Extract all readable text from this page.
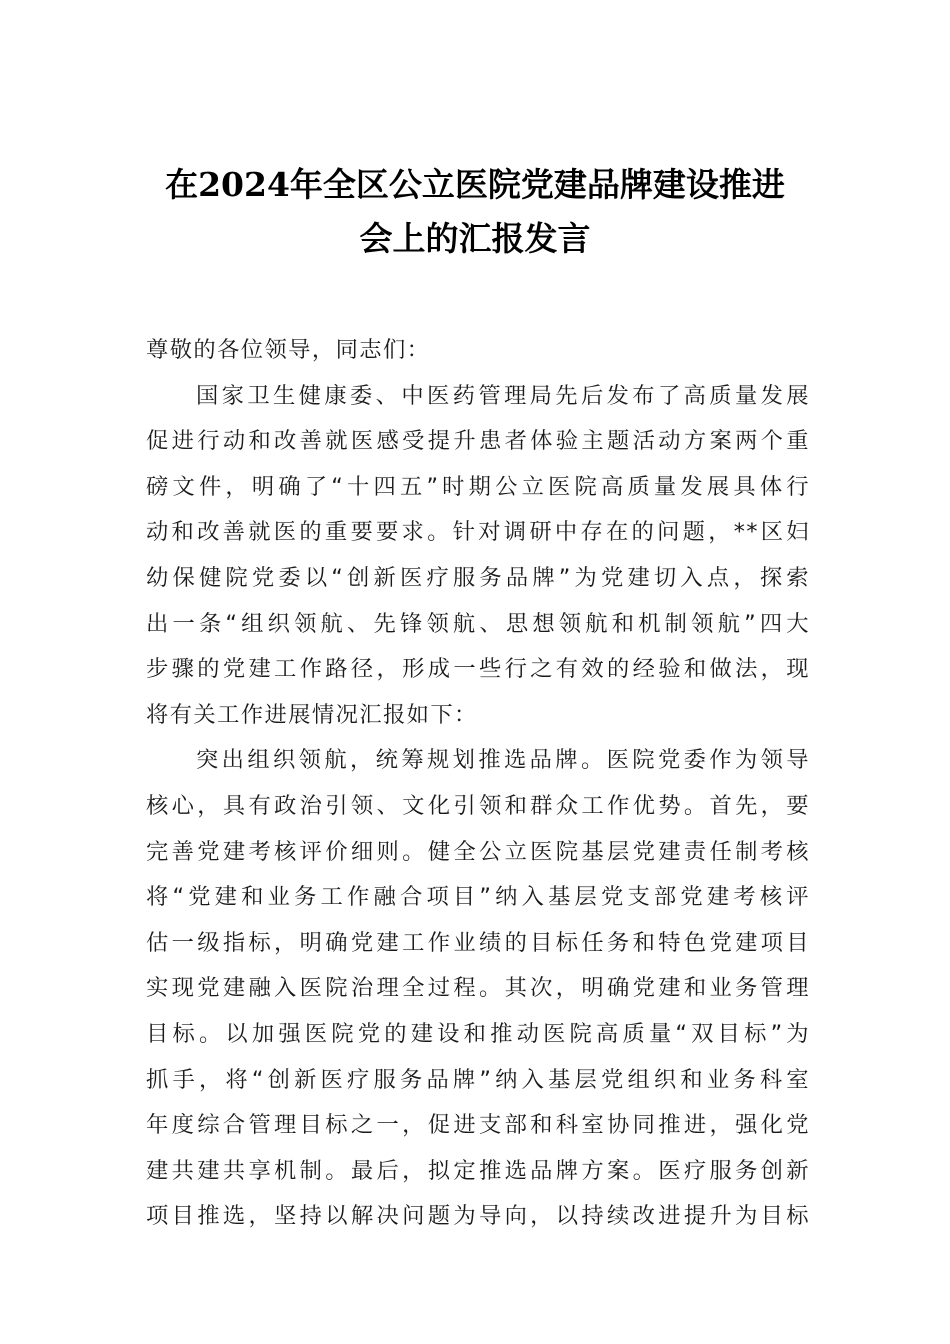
在2024年全区公立医院党建品牌建设推进
会上的汇报发言
尊敬的各位领导，同志们：
国家卫生健康委、中医药管理局先后发布了高质量发展
促进行动和改善就医感受提升患者体验主题活动方案两个重
磅文件，明确了“十四五”时期公立医院高质量发展具体行
动和改善就医的重要要求。针对调研中存在的问题，**区妇
幼保健院党委以“创新医疗服务品牌”为党建切入点，探索
出一条“组织领航、先锋领航、思想领航和机制领航”四大
步骤的党建工作路径，形成一些行之有效的经验和做法，现
将有关工作进展情况汇报如下：
突出组织领航，统筹规划推选品牌。医院党委作为领导
核心，具有政治引领、文化引领和群众工作优势。首先，要
完善党建考核评价细则。健全公立医院基层党建责任制考核
将“党建和业务工作融合项目”纳入基层党支部党建考核评
估一级指标，明确党建工作业绩的目标任务和特色党建项目
实现党建融入医院治理全过程。其次，明确党建和业务管理
目标。以加强医院党的建设和推动医院高质量“双目标”为
抓手，将“创新医疗服务品牌”纳入基层党组织和业务科室
年度综合管理目标之一，促进支部和科室协同推进，强化党
建共建共享机制。最后，拟定推选品牌方案。医疗服务创新
项目推选，坚持以解决问题为导向，以持续改进提升为目标
